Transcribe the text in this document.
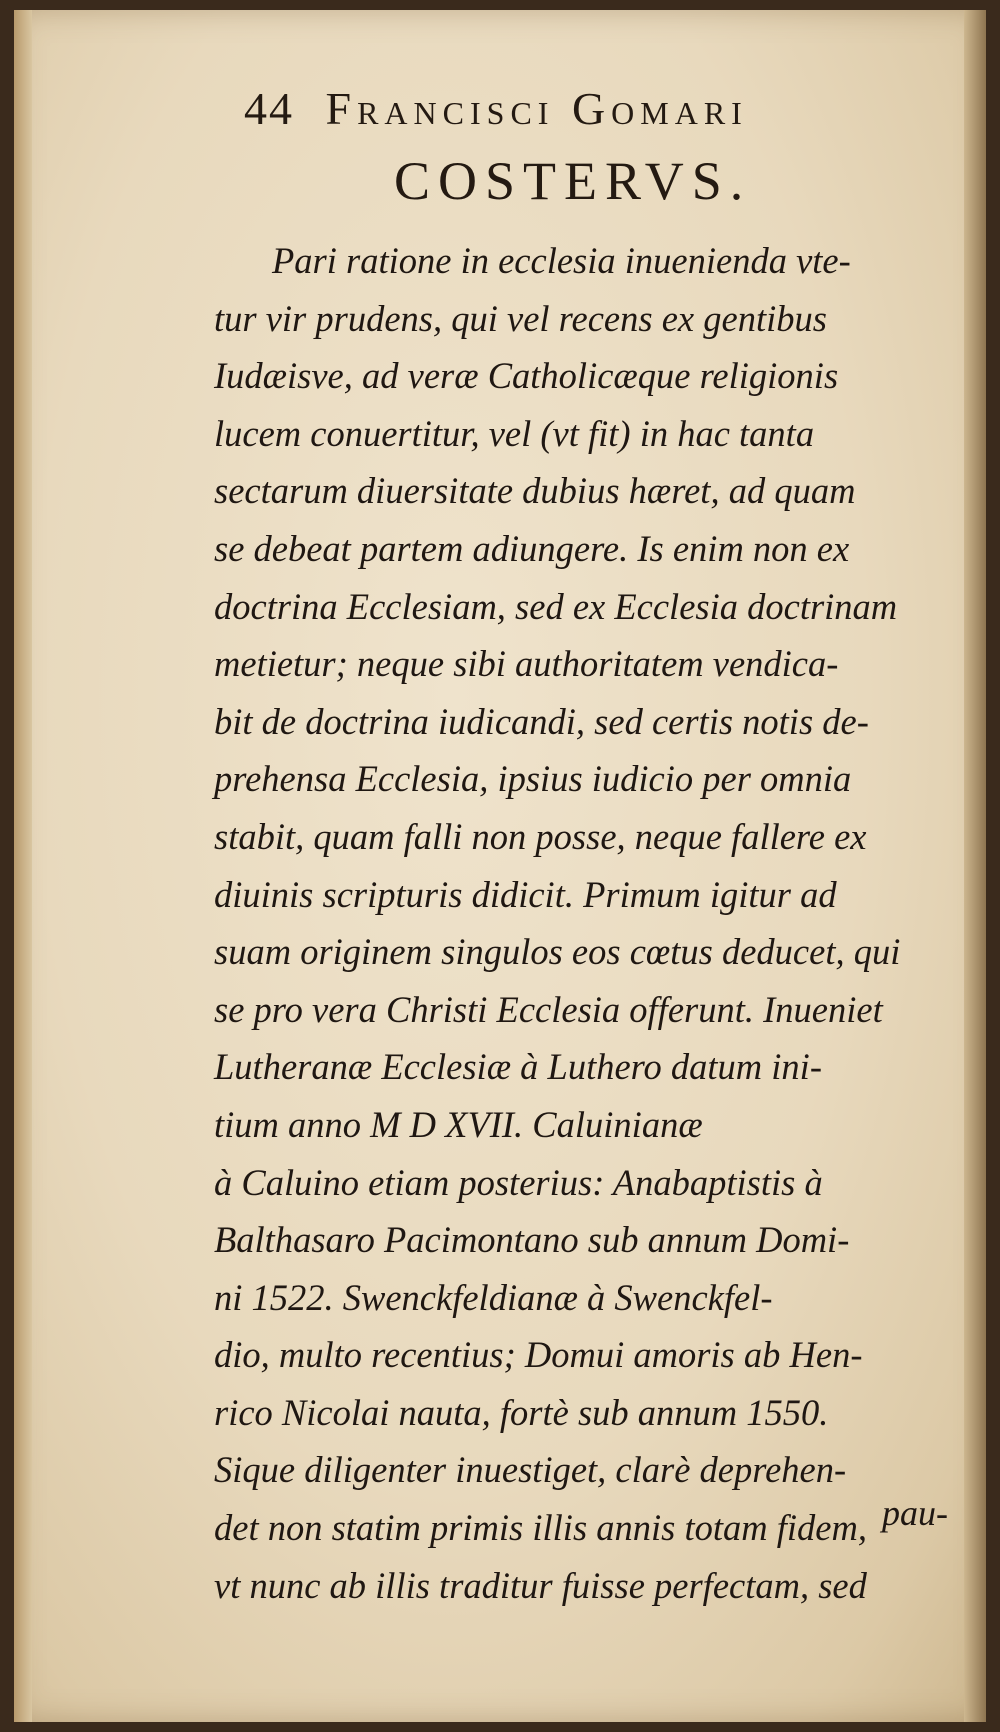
44 Francisci Gomari
COSTERVS.
Pari ratione in ecclesia inuenienda vte-
tur vir prudens, qui vel recens ex gentibus
Iudæisve, ad veræ Catholicæque religionis
lucem conuertitur, vel (vt fit) in hac tanta
sectarum diuersitate dubius hæret, ad quam
se debeat partem adiungere. Is enim non ex
doctrina Ecclesiam, sed ex Ecclesia doctrinam
metietur; neque sibi authoritatem vendica-
bit de doctrina iudicandi, sed certis notis de-
prehensa Ecclesia, ipsius iudicio per omnia
stabit, quam falli non posse, neque fallere ex
diuinis scripturis didicit. Primum igitur ad
suam originem singulos eos cœtus deducet, qui
se pro vera Christi Ecclesia offerunt. Inueniet
Lutheranæ Ecclesiæ à Luthero datum ini-
tium anno M D XVII. Caluinianæ
à Caluino etiam posterius: Anabaptistis à
Balthasaro Pacimontano sub annum Domi-
ni 1522. Swenckfeldianæ à Swenckfel-
dio, multo recentius; Domui amoris ab Hen-
rico Nicolai nauta, fortè sub annum 1550.
Sique diligenter inuestiget, clarè deprehen-
det non statim primis illis annis totam fidem,
vt nunc ab illis traditur fuisse perfectam, sed
pau-
